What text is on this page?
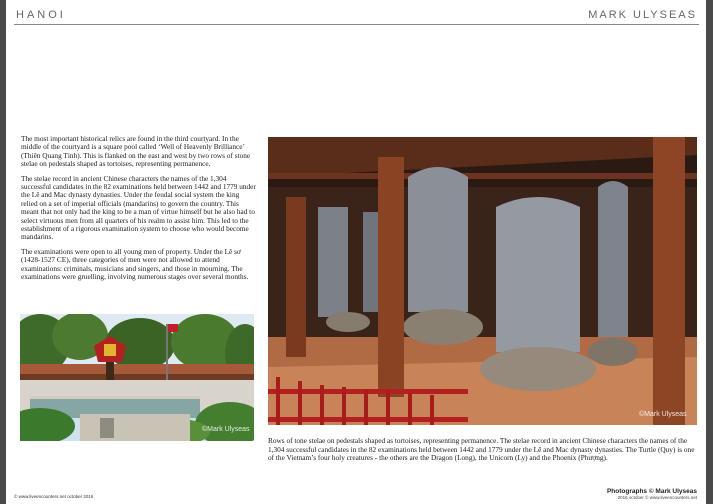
HANOI	MARK ULYSEAS

The most important historical relics are found in the third courtyard. In the middle of the courtyard is a square pool called ‘Well of Heavenly Brilliance’ (Thiên Quang Tỉnh). This is flanked on the east and west by two rows of stone stelae on pedestals shaped as tortoises, representing permanence.

The stelae record in ancient Chinese characters the names of the 1,304 successful candidates in the 82 examinations held between 1442 and 1779 under the Lê and Mac dynasty dynasties. Under the feudal social system the king relied on a set of imperial officials (mandarins) to govern the country. This meant that not only had the king to be a man of virtue himself but he also had to select virtuous men from all quarters of his realm to assist him. This led to the establishment of a rigorous examination system to choose who would become mandarins.

The examinations were open to all young men of property. Under the Lê sơ (1428-1527 CE), three categories of men were not allowed to attend examinations: criminals, musicians and singers, and those in mourning. The examinations were gruelling, involving numerous stages over several months.

©Mark Ulyseas
©Mark Ulyseas
Rows of tone stelae on pedestals shaped as tortoises, representing permanence. The stelae record in ancient Chinese characters the names of the 1,304 successful candidates in the 82 examinations held between 1442 and 1779 under the Lê and Mac dynasty dynasties. The Turtle (Quy) is one of the Vietnam’s four holy creatures - the others are the Dragon (Long), the Unicorn (Ly) and the Phoenix (Phượng).
© www.liveencounters.net october 2016
Photographs © Mark Ulyseas
2016 october © www.liveencounters.net
